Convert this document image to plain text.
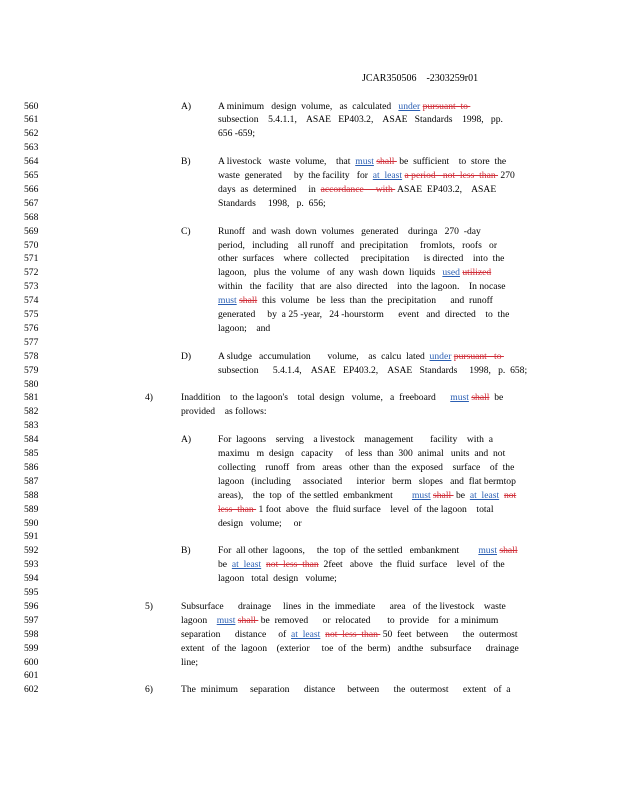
JCAR350506 -2303259r01
560	A)	A minimum   design  volume,   as  calculated   under pursuant  to
561	subsection    5.4.1.1,    ASAE   EP403.2,    ASAE   Standards    1998,   pp.
562	656 -659;
563
564	B)	A livestock   waste  volume,    that  must shall  be  sufficient    to  store  the
565	waste  generated     by  the facility   for  at  least a period   not  less  than  270
566	days  as  determined     in  accordance     with  ASAE  EP403.2,    ASAE
567	Standards     1998,   p.  656;
568
569	C)	Runoff   and  wash  down  volumes   generated    duringa   270  -day
570	period,   including    all runoff   and  precipitation     fromlots,   roofs   or
571	other  surfaces    where   collected     precipitation      is directed    into  the
572	lagoon,   plus  the  volume   of  any  wash  down  liquids   used utilized
573	within   the  facility   that  are  also  directed    into  the lagoon.    In nocase
574	must shall  this  volume   be  less  than  the  precipitation      and  runoff
575	generated     by  a 25 -year,   24 -hourstorm      event   and  directed    to  the
576	lagoon;    and
577
578	D)	A sludge   accumulation       volume,    as  calcu  lated  under pursuant   to
579	subsection      5.4.1.4,    ASAE   EP403.2,    ASAE   Standards     1998,   p.  658;
580
581	4)	Inaddition    to  the lagoon's    total  design   volume,   a  freeboard      must shall  be
582	provided    as follows:
583
584	A)	For  lagoons    serving    a livestock    management       facility    with  a
585	maximu   m  design   capacity     of  less  than  300  animal   units  and  not
586	collecting    runoff   from   areas   other  than  the  exposed    surface    of  the
587	lagoon   (including     associated      interior   berm   slopes   and  flat bermtop
588	areas),    the  top  of  the settled  embankment        must shall  be  at  least not
589	less  than  1 foot  above   the  fluid surface    level  of  the lagoon    total
590	design   volume;     or
591
592	B)	For  all other  lagoons,     the  top  of  the settled   embankment        must shall
593	be  at  least not  less  than  2feet   above   the  fluid  surface    level  of  the
594	lagoon   total  design   volume;
595
596	5)	Subsurface      drainage     lines  in  the  immediate      area   of  the livestock    waste
597	lagoon    must shall  be  removed      or  relocated       to  provide    for  a minimum
598	separation      distance     of  at  least not  less  than  50  feet  between      the  outermost
599	extent   of  the  lagoon    (exterior     toe  of  the  berm)   andthe   subsurface      drainage
600	line;
601
602	6)	The  minimum     separation      distance     between      the  outermost      extent   of  a
